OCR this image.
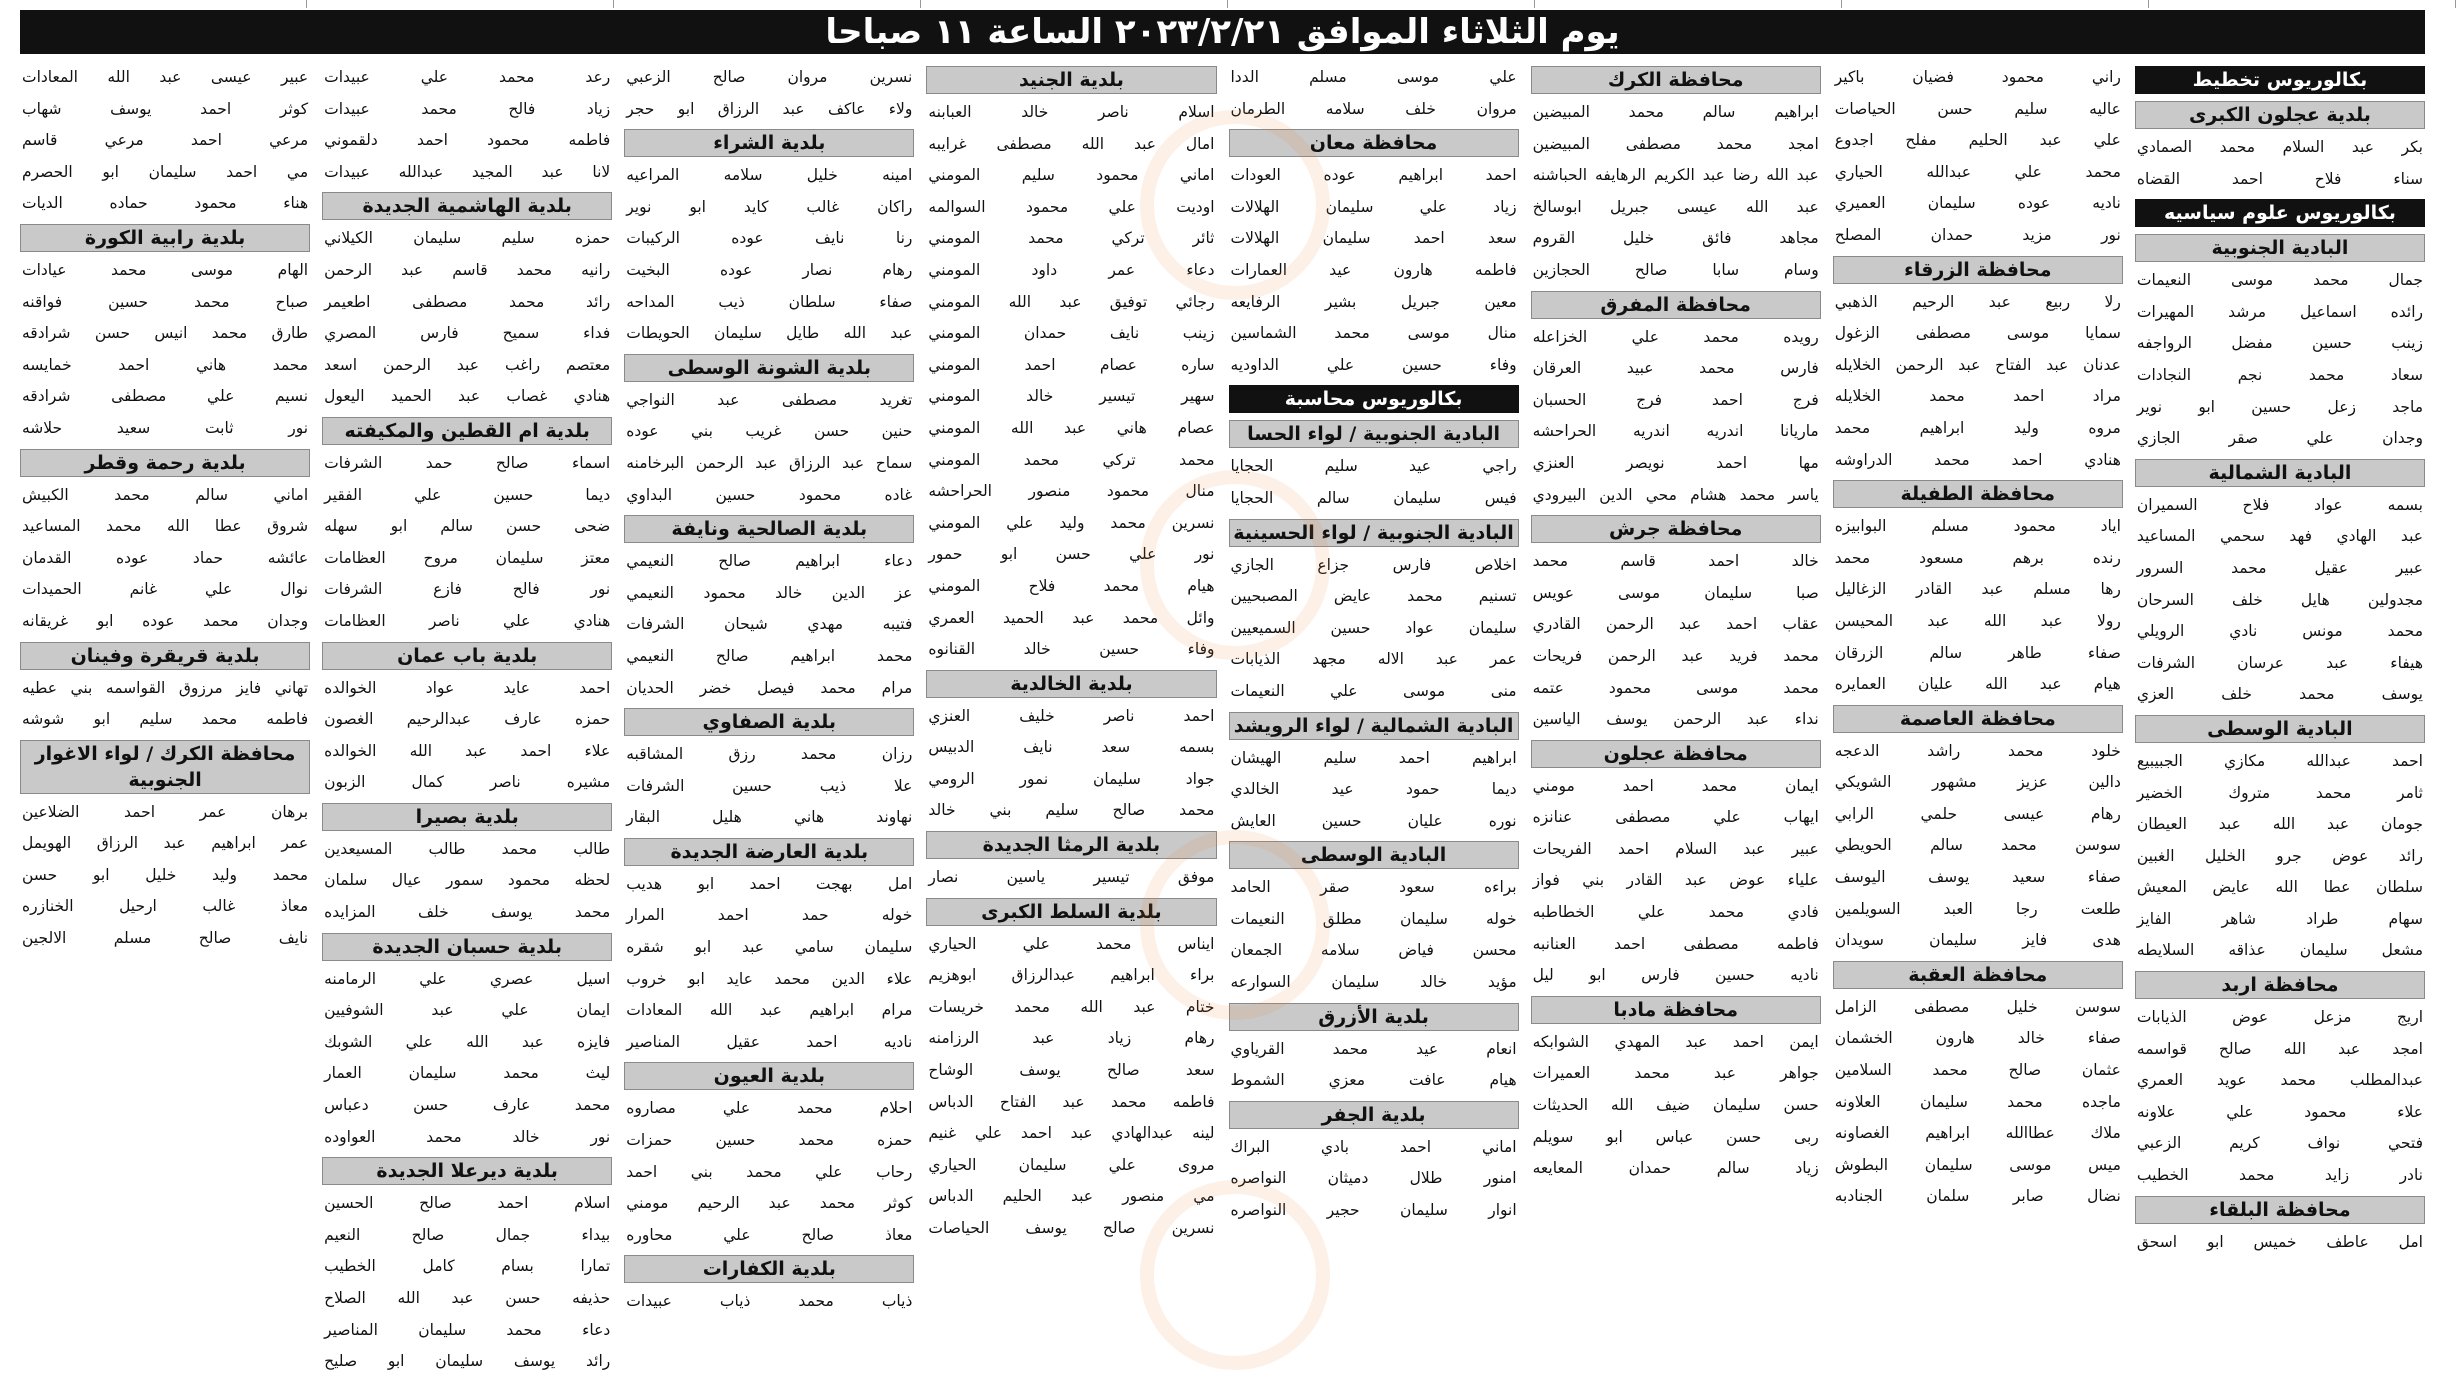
يوم الثلاثاء الموافق ٢٠٢٣/٢/٢١ الساعة ١١ صباحا
بكالوريوس تخطيط
بلدية عجلون الكبرى
بكر عبد السلام محمد الصمادي
سناء فلاح احمد القضاه
بكالوريوس علوم سياسيه
البادية الجنوبية
جمال محمد موسى النعيمات
رائده اسماعيل مرشد المهيرات
زينب حسين مفضل الرواجفه
سعاد محمد نجم النجادات
ماجد زعل حسين ابو نوير
وجدان علي صقر الجازي
البادية الشمالية
بسمه عواد فلاح السميران
عبد الهادي فهد سحمي المساعيد
عبير عقيل محمد السرور
مجدولين هايل خلف السرحان
محمد مونس نادي الرويلي
هيفاء عبد عرسان الشرفات
يوسف محمد خلف العزي
البادية الوسطى
احمد عبدالله مكازي الجبيبيع
ثامر محمد متروك الخضير
جومان عبد الله عبد العيطان
رائد عوض جرو الخليل الغبين
سلطان عطا الله عايض المعيش
سهام طراد شاهر الفايز
مشعل سليمان عذاقه السلايطه
محافظة اربد
اريج مزعل عوض الذيابات
امجد عبد الله صالح قواسمه
عبدالمطلب محمد عويد العمري
علاء محمود علي علاونه
فتحي نواف كريم الزعبي
نادر زايد محمد الخطيب
محافظة البلقاء
امل عاطف خميس ابو اسحق
راني محمود فضيان باكير
عاليه سليم حسن الحياصات
علي عبد الحليم مفلح اجدوع
محمد علي عبدالله الحياري
ناديه عوده سليمان العميري
نور مزيد حمدان المصلح
محافظة الزرقاء
رلا ربيع عبد الرحيم الذهبي
سمايا موسى مصطفى الزغول
عدنان عبد الفتاح عبد الرحمن الخلايله
مراد احمد محمد الخلايله
مروه وليد ابراهيم محمد
هنادي احمد محمد الدراوشه
محافظة الطفيلة
اياد محمود مسلم البوابيزه
رنده برهم مسعود محمد
رها مسلم عبد القادر الزغاليل
رولا عبد الله عبد المحيسن
صفاء طاهر سالم الزرقان
هيام عبد الله عليان العمايره
محافظة العاصمة
خلود محمد راشد الدعجه
دالين عزيز مشهور الشويكي
رهام عيسى حلمي الرابي
سوسن محمد سالم الحويطي
صفاء سعيد يوسف اليوسف
طلعت رجا العبد السويلمين
هدى فايز سليمان سويدان
محافظة العقبة
سوسن خليل مصطفى الزامل
صفاء خالد هارون الخشمان
عثمان صالح محمد السلامين
ماجده محمد سليمان العلاونه
ملاك عطاالله ابراهيم الغصاونه
ميس موسى سليمان البطوش
نضال صابر سلمان الجنادبه
محافظة الكرك
ابراهيم سالم محمد المبيضين
امجد محمد مصطفى المبيضين
عبد الله رضا عبد الكريم الرهايفه الحباشنه
عبد الله عيسى جبريل ابوسالخ
مجاهد فائق خليل القروم
وسام سابا صالح الحجازين
محافظة المفرق
رويده محمد علي الخزاعله
فارس محمد عبيد العرقان
فرج احمد فرج الحسبان
ماريانا اندريه اندريه الحراحشه
مها احمد نويصر العنزي
ياسر محمد هشام محي الدين البيرودي
محافظة جرش
خالد احمد قاسم محمد
صبا سليمان موسى عويس
عقاب احمد عبد الرحمن القادري
محمد فريد عبد الرحمن فريحات
محمد موسى محمود عتمه
نداء عبد الرحمن يوسف الياسين
محافظة عجلون
ايمان محمد احمد مومني
ايهاب علي مصطفى عنانزه
عبير عبد السلام احمد الفريحات
علياء عوض عبد القادر بني فواز
فادي محمد علي الخطاطبه
فاطمه مصطفى احمد العنانبه
ناديه حسين فارس ابو ليل
محافظة مادبا
ايمن احمد عبد المهدي الشوابكه
جواهر عبد محمد العميرات
حسن سليمان ضيف الله الحديثات
ربى حسن عباس ابو سويلم
زياد سالم حمدان المعايعه
علي موسى مسلم الددا
مروان خلف سلامه الطرمان
محافظة معان
احمد ابراهيم عوده العودات
زياد علي سليمان الهلالات
سعد احمد سليمان الهلالات
فاطمه هارون عيد العمارات
معين جبريل بشير الرفايعه
منال موسى محمد الشماسين
وفاء حسين علي الداوديه
بكالوريوس محاسبة
البادية الجنوبية / لواء الحسا
راجي عيد سليم الحجايا
فيس سليمان سالم الحجايا
البادية الجنوبية / لواء الحسينية
اخلاص فارس جزاع الجازي
تسنيم محمد عايض المصبحيين
سليمان عواد حسين السميعيين
عمر عبد الاله مجهد الذيابات
منى موسى علي النعيمات
البادية الشمالية / لواء الرويشد
ابراهيم احمد سليم الهيشان
ديما حمود عيد الخالدي
نوره عليان حسين العايش
البادية الوسطى
براءه سعود صقر الحامد
خوله سليمان مطلق النعيمات
محسن فياض سلامه الجمعان
مؤيد خالد سليمان السوارعه
بلدية الأزرق
انعام عيد محمد القرياوي
هيام عافت معزي الشموط
بلدية الجفر
اماني احمد بادي البراك
امنور طلال دميثان النواصره
انوار سليمان حجير النواصره
بلدية الجنيد
اسلام ناصر خالد العبابنه
امال عبد الله مصطفى غرايبه
اماني محمود سليم المومني
اوديت علي محمود السوالمه
ثائر تركي محمد المومني
دعاء عمر داود المومني
رجائي توفيق عبد الله المومني
زينب نايف حمدان المومني
ساره عصام احمد المومني
سهير تيسير خالد المومني
عصام هاني عبد الله المومني
محمد تركي محمد المومني
منال محمود منصور الحراحشه
نسرين محمد وليد علي المومني
نور علي حسن ابو حمور
هيام محمد فلاح المومني
وائل محمد عبد الحميد العمري
وفاء حسين خالد القنانوه
بلدية الخالدية
احمد ناصر خليف العنزي
بسمه سعد نايف الدبيس
جواد سليمان نمور الرومي
محمد صالح سليم بني خالد
بلدية الرمثا الجديدة
موفق تيسير ياسين نصار
بلدية السلط الكبرى
ايناس محمد علي الحياري
براء ابراهيم عبدالرزاق ابوهزيم
ختام عبد الله محمد خريسات
رهام زياد عبد الرزامنه
سعد صالح يوسف الوشاح
فاطمه محمد عبد الفتاح الدباس
لينه عبدالهادي عبد احمد علي غنيم
مروى علي سليمان الحياري
مي منصور عبد الحليم الدباس
نسرين صالح يوسف الحياصات
نسرين مروان صالح الزعبي
ولاء عاكف عبد الرزاق ابو حجر
بلدية الشراء
امينه خليل سلامه المراعيه
راكان غالب كايد ابو نوير
رنا نايف عوده الركيبات
رهام نصار عوده البخيت
صفاء سلطان ذيب المداحه
عبد الله طايل سليمان الحويطات
بلدية الشونة الوسطى
تغريد مصطفى عبد النواجي
حنين حسن غريب بني عوده
سماح عبد الرزاق عبد الرحمن البرخامنه
غاده محمود حسين البداوي
بلدية الصالحية ونايفة
دعاء ابراهيم صالح النعيمي
عز الدين خالد محمود النعيمي
فتيبه مهدي شيحان الشرفات
محمد ابراهيم صالح النعيمي
مرام محمد فيصل خضر الحديان
بلدية الصفاوي
رزان محمد رزق المشاقبه
علا ذيب حسين الشرفات
نهاوند هاني هليل البقار
بلدية العارضة الجديدة
امل بهجت احمد ابو هديب
خوله حمد احمد المرار
سليمان سامي عبد ابو شقره
علاء الدين محمد عايد ابو خروب
مرام ابراهيم عبد الله المعادات
ناديه احمد عقيل المناصير
بلدية العيون
احلام محمد علي مصاروه
حمزه محمد حسين حمزات
رحاب علي محمد بني احمد
كوثر محمد عبد الرحيم مومني
معاذ صالح علي محاوره
بلدية الكفارات
ذياب محمد ذياب عبيدات
رعد محمد علي عبيدات
زياد فالح محمد عبيدات
فاطمه محمود احمد دلقموني
لانا عبد المجيد عبدالله عبيدات
بلدية الهاشمية الجديدة
حمزه سليم سليمان الكيلاني
رانيه محمد قاسم عبد الرحمن
رائد محمد مصطفى اطعيمر
فداء سميح فارس المصري
معتصم راغب عبد الرحمن اسعد
هنادي غصاب عبد الحميد اليعول
بلدية ام القطين والمكيفته
اسماء صالح حمد الشرفات
ديما حسين علي الفقير
ضحى حسن سالم ابو سهله
معتز سليمان مروح العظامات
نور فالح فازع الشرفات
هنادي علي ناصر العظامات
بلدية باب عمان
احمد عايد عواد الخوالده
حمزه عارف عبدالرحيم الغصون
علاء احمد عبد الله الخوالده
مشيره ناصر كمال الزبون
بلدية بصيرا
طالب محمد طالب المسيعدين
لحظه محمود سمور عيال سلمان
محمد يوسف خلف المزايده
بلدية حسبان الجديدة
اسيل عصري علي الرمامنه
ايمان علي عبد الشوفيين
فايزه عبد الله علي الشوبك
ليث محمد سليمان العمار
محمد عارف حسن دعباس
نور خالد محمد العواوده
بلدية ديرعلا الجديدة
اسلام احمد صالح الحسين
بيداء جمال صالح النعيم
تمارا بسام كامل الخطيب
حذيفه حسن عبد الله الصلاح
دعاء محمد سليمان المناصير
رائد يوسف سليمان ابو صليح
عبير عيسى عبد الله المعادات
كوثر احمد يوسف شهاب
مرعي احمد مرعي قاسم
مي احمد سليمان ابو الحصرم
هناء محمود حماده الديات
بلدية رابية الكورة
الهام موسى محمد عيادات
صباح محمد حسين فواقنه
طارق محمد انيس حسن شرادقه
محمد هاني احمد خمايسه
نسيم علي مصطفى شرادقه
نور ثابت سعيد حلاشه
بلدية رحمة وقطر
اماني سالم محمد الكبيش
شروق عطا الله محمد المساعيد
عائشه حماد عوده القدمان
نوال علي غانم الحميدات
وجدان محمد عوده ابو غريقانه
بلدية قريقرة وفينان
تهاني فايز مرزوق القواسمه بني عطيه
فاطمه محمد سليم ابو شوشه
محافظة الكرك / لواء الاغوار الجنوبية
برهان عمر احمد الضلاعين
عمر ابراهيم عبد الرزاق الهويمل
محمد وليد خليل ابو حسن
معاذ غالب ارحيل الخنازره
نايف صالح مسلم الالجين
